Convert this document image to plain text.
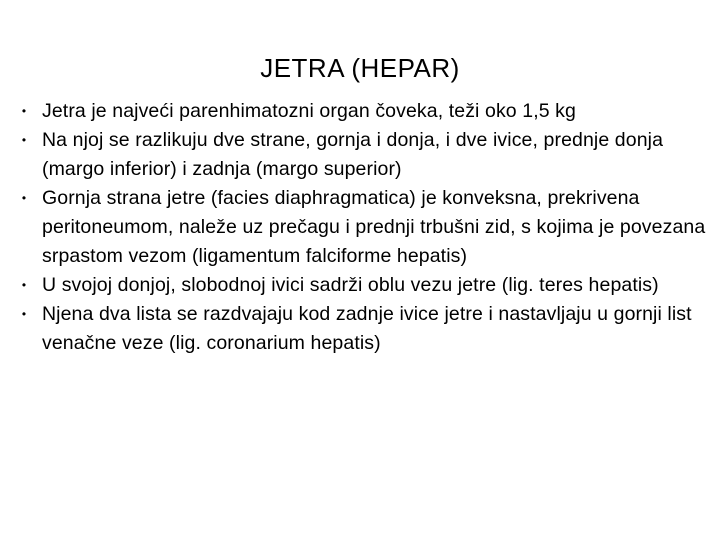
JETRA (HEPAR)
• Jetra je najveći parenhimatozni organ čoveka, teži oko 1,5 kg
• Na njoj se razlikuju dve strane, gornja i donja, i dve ivice, prednje donja (margo inferior) i zadnja (margo superior)
• Gornja strana jetre (facies diaphragmatica) je konveksna, prekrivena peritoneumom, naleže uz prečagu i prednji trbušni zid, s kojima je povezana srpastom vezom (ligamentum falciforme hepatis)
• U svojoj donjoj, slobodnoj ivici sadrži oblu vezu jetre (lig. teres hepatis)
• Njena dva lista se razdvajaju kod zadnje ivice jetre i nastavljaju u gornji list venačne veze (lig. coronarium hepatis)
